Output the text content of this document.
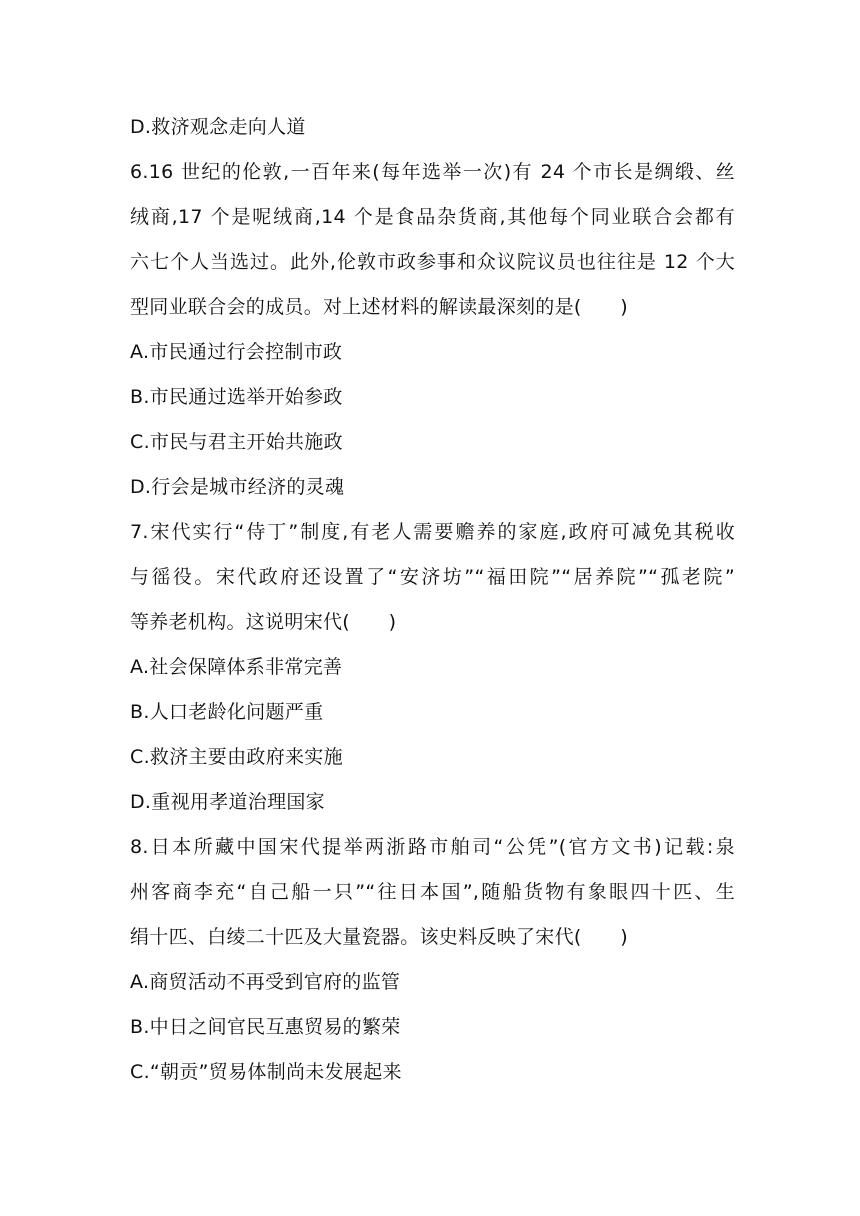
D.救济观念走向人道
6.16 世纪的伦敦,一百年来(每年选举一次)有 24 个市长是绸缎、丝
绒商,17 个是呢绒商,14 个是食品杂货商,其他每个同业联合会都有
六七个人当选过。此外,伦敦市政参事和众议院议员也往往是 12 个大
型同业联合会的成员。对上述材料的解读最深刻的是(　　)
A.市民通过行会控制市政
B.市民通过选举开始参政
C.市民与君主开始共施政
D.行会是城市经济的灵魂
7.宋代实行“侍丁”制度,有老人需要赡养的家庭,政府可减免其税收
与徭役。宋代政府还设置了“安济坊”“福田院”“居养院”“孤老院”
等养老机构。这说明宋代(　　)
A.社会保障体系非常完善
B.人口老龄化问题严重
C.救济主要由政府来实施
D.重视用孝道治理国家
8.日本所藏中国宋代提举两浙路市舶司“公凭”(官方文书)记载:泉
州客商李充“自己船一只”“往日本国”,随船货物有象眼四十匹、生
绢十匹、白绫二十匹及大量瓷器。该史料反映了宋代(　　)
A.商贸活动不再受到官府的监管
B.中日之间官民互惠贸易的繁荣
C.“朝贡”贸易体制尚未发展起来
